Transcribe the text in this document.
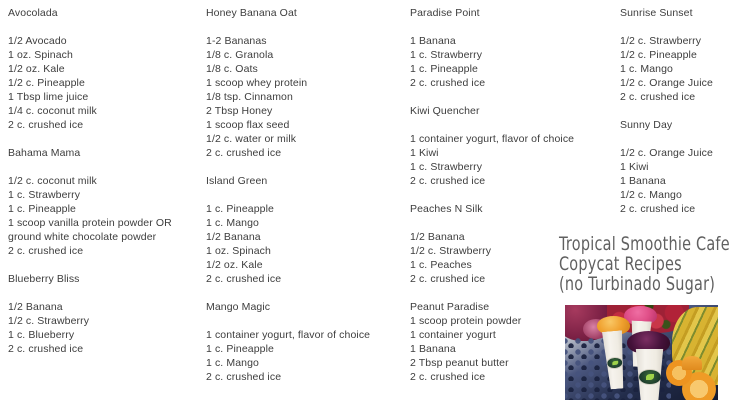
Avocolada
1/2 Avocado
1 oz. Spinach
1/2 oz. Kale
1/2 c. Pineapple
1 Tbsp lime juice
1/4 c. coconut milk
2 c. crushed ice
Bahama Mama
1/2 c. coconut milk
1 c. Strawberry
1 c. Pineapple
1 scoop vanilla protein powder OR
ground white chocolate powder
2 c. crushed ice
Blueberry Bliss
1/2 Banana
1/2 c. Strawberry
1 c. Blueberry
2 c. crushed ice
Honey Banana Oat
1-2 Bananas
1/8 c. Granola
1/8 c. Oats
1 scoop whey protein
1/8 tsp. Cinnamon
2 Tbsp Honey
1 scoop flax seed
1/2 c. water or milk
2 c. crushed ice
Island Green
1 c. Pineapple
1 c. Mango
1/2 Banana
1 oz. Spinach
1/2 oz. Kale
2 c. crushed ice
Mango Magic
1 container yogurt, flavor of choice
1 c. Pineapple
1 c. Mango
2 c. crushed ice
Paradise Point
1 Banana
1 c. Strawberry
1 c. Pineapple
2 c. crushed ice
Kiwi Quencher
1 container yogurt, flavor of choice
1 Kiwi
1 c. Strawberry
2 c. crushed ice
Peaches N Silk
1/2 Banana
1/2 c. Strawberry
1 c. Peaches
2 c. crushed ice
Peanut Paradise
1 scoop protein powder
1 container yogurt
1 Banana
2 Tbsp peanut butter
2 c. crushed ice
Sunrise Sunset
1/2 c. Strawberry
1/2 c. Pineapple
1 c. Mango
1/2 c. Orange Juice
2 c. crushed ice
Sunny Day
1/2 c. Orange Juice
1 Kiwi
1 Banana
1/2 c. Mango
2 c. crushed ice
Tropical Smoothie Cafe
Copycat Recipes
(no Turbinado Sugar)
